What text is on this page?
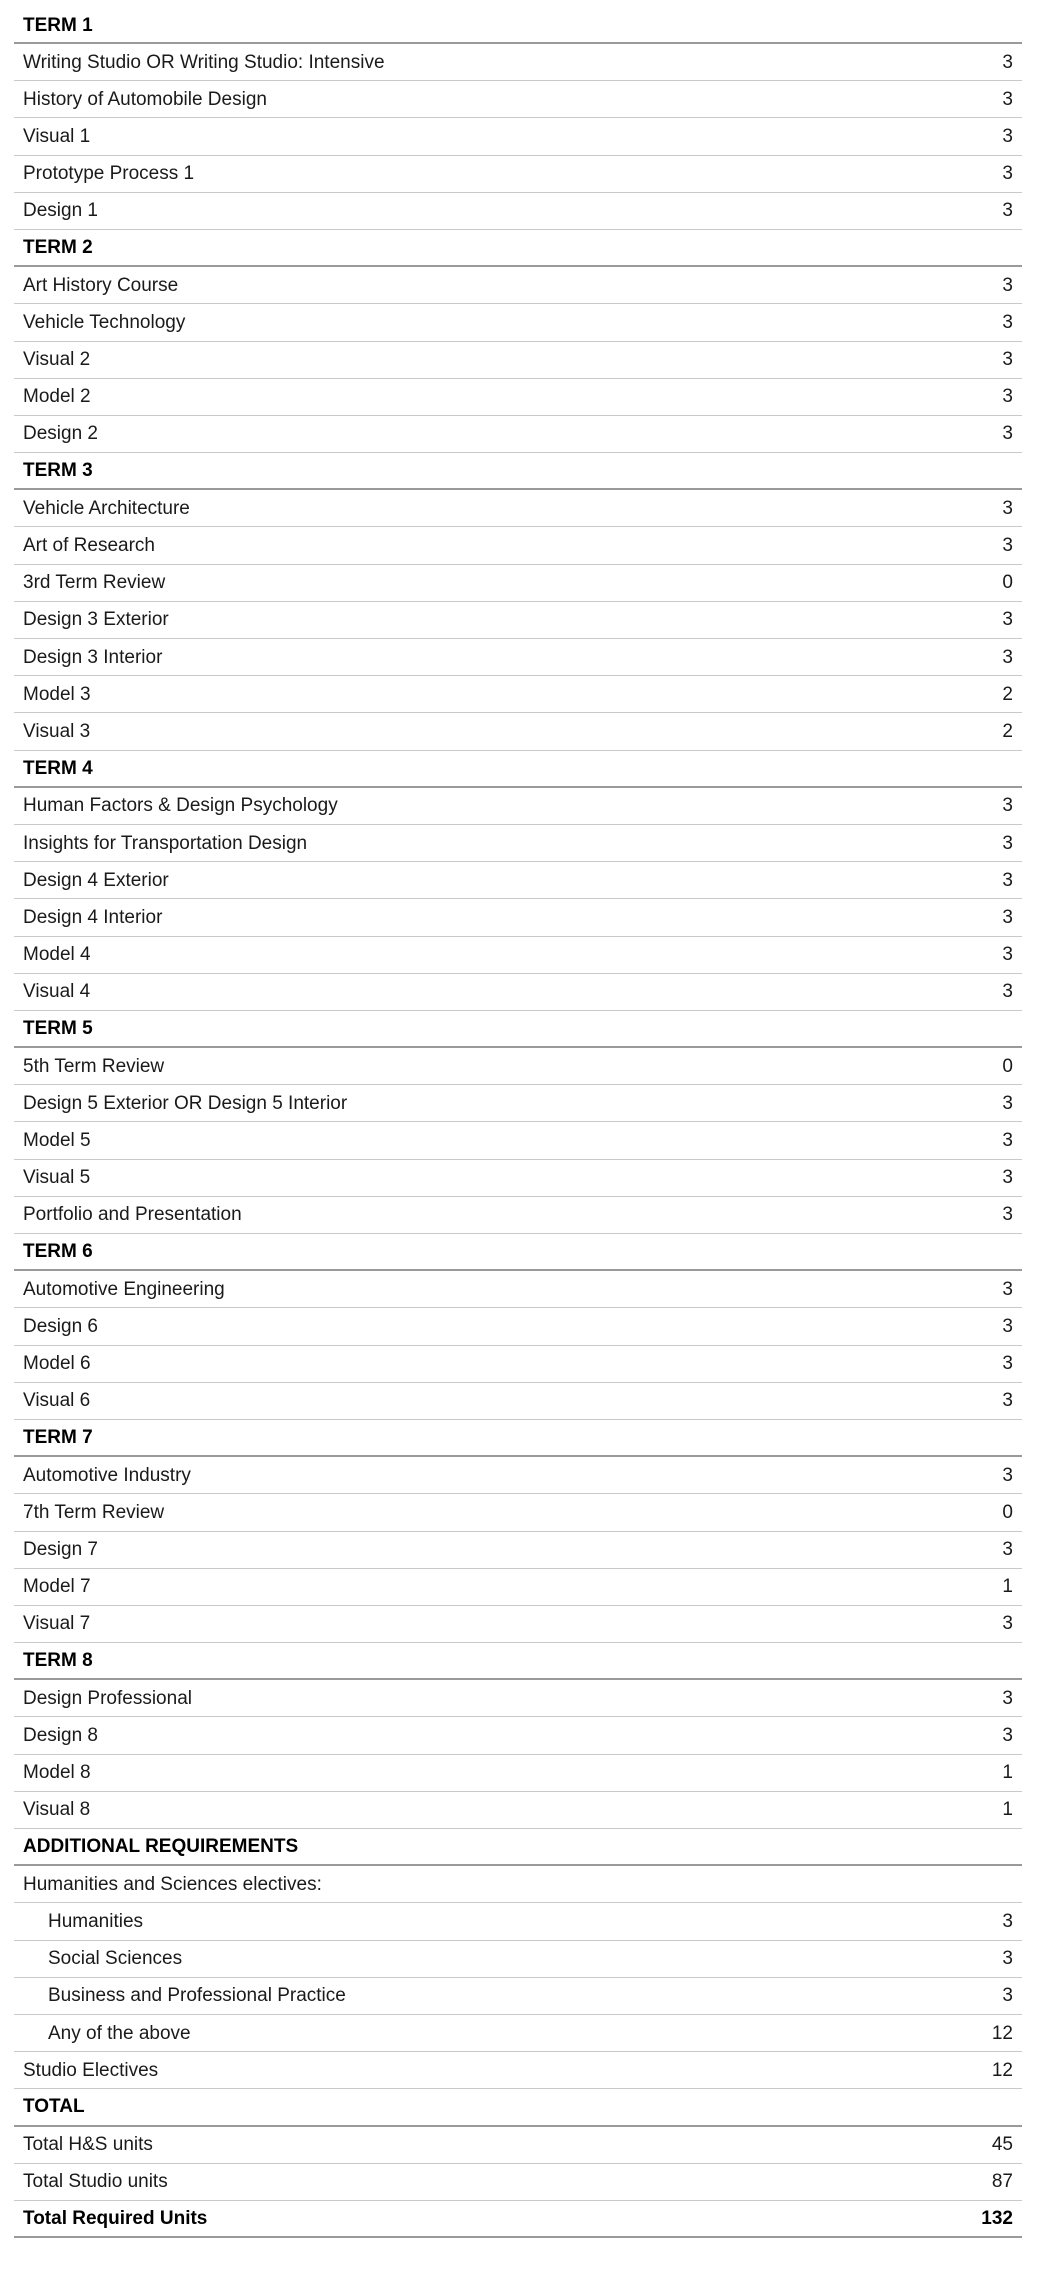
TERM 1
Writing Studio OR Writing Studio: Intensive	3
History of Automobile Design	3
Visual 1	3
Prototype Process 1	3
Design 1	3
TERM 2
Art History Course	3
Vehicle Technology	3
Visual 2	3
Model 2	3
Design 2	3
TERM 3
Vehicle Architecture	3
Art of Research	3
3rd Term Review	0
Design 3 Exterior	3
Design 3 Interior	3
Model 3	2
Visual 3	2
TERM 4
Human Factors & Design Psychology	3
Insights for Transportation Design	3
Design 4 Exterior	3
Design 4 Interior	3
Model 4	3
Visual 4	3
TERM 5
5th Term Review	0
Design 5 Exterior OR Design 5 Interior	3
Model 5	3
Visual 5	3
Portfolio and Presentation	3
TERM 6
Automotive Engineering	3
Design 6	3
Model 6	3
Visual 6	3
TERM 7
Automotive Industry	3
7th Term Review	0
Design 7	3
Model 7	1
Visual 7	3
TERM 8
Design Professional	3
Design 8	3
Model 8	1
Visual 8	1
ADDITIONAL REQUIREMENTS
Humanities and Sciences electives:
Humanities	3
Social Sciences	3
Business and Professional Practice	3
Any of the above	12
Studio Electives	12
TOTAL
Total H&S units	45
Total Studio units	87
Total Required Units	132
